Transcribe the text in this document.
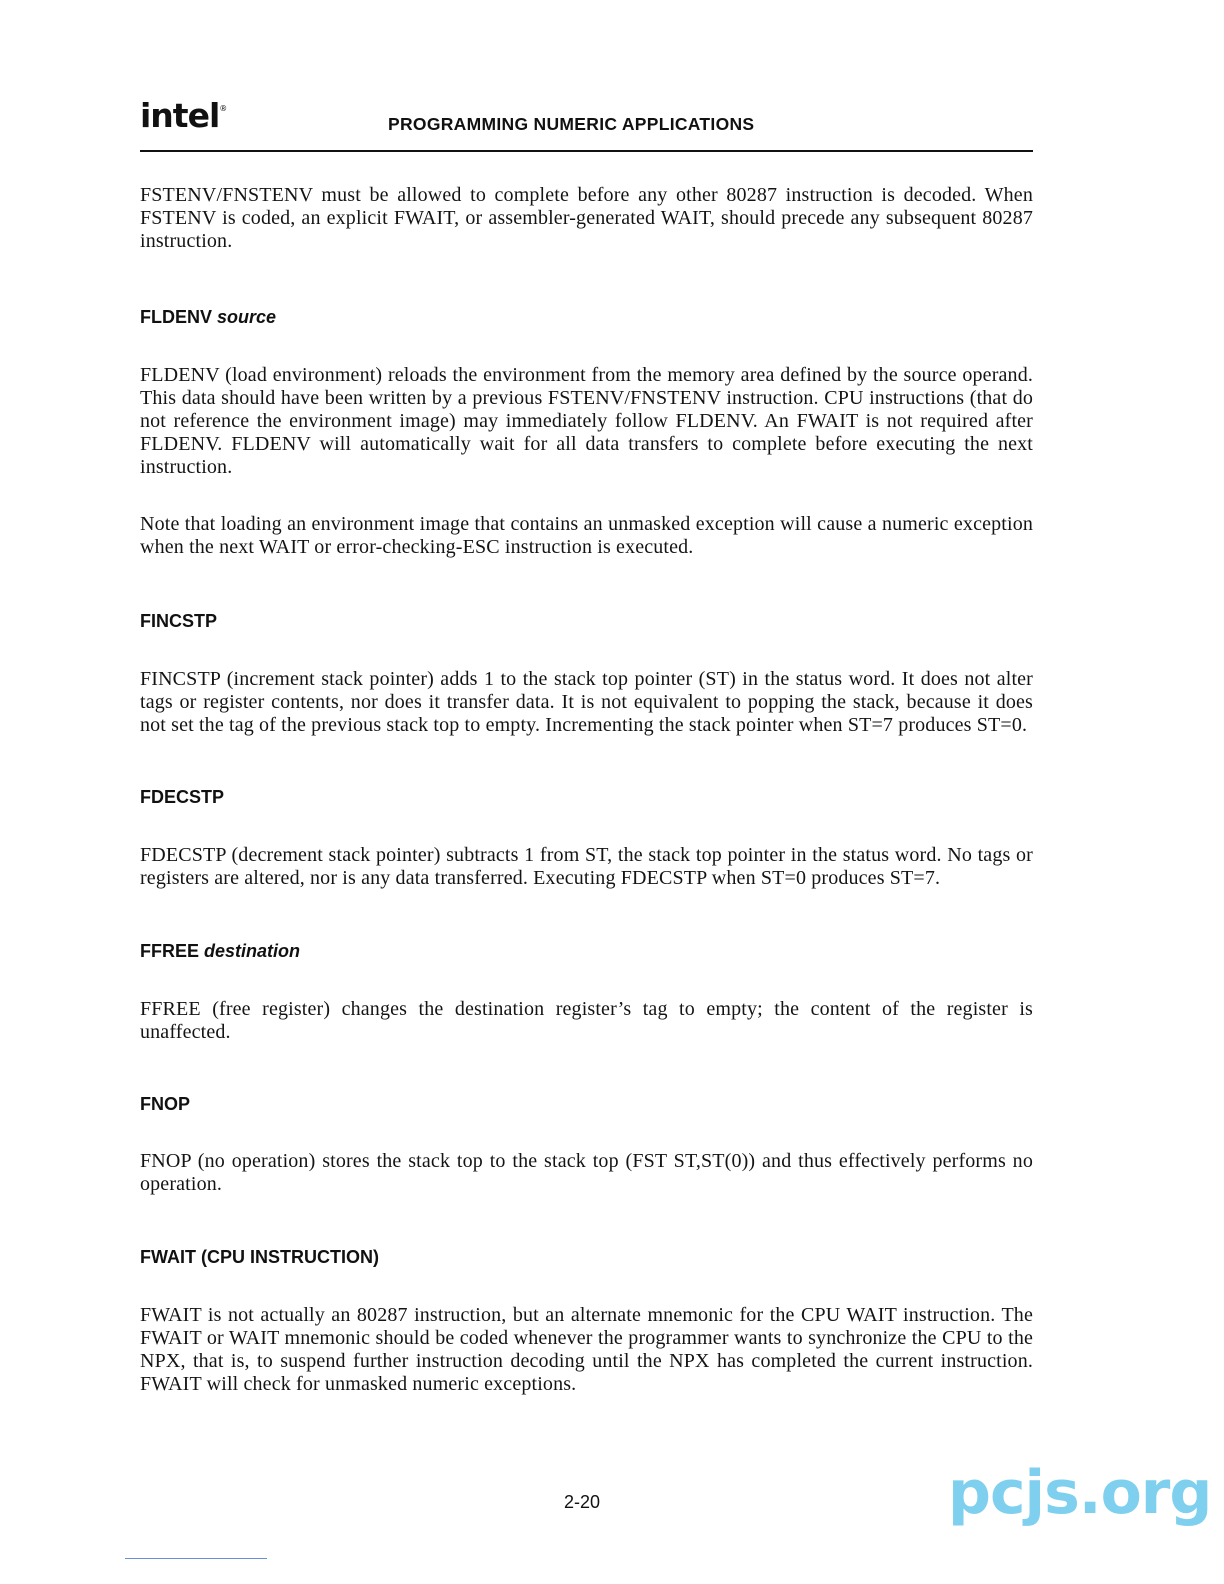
intel®
PROGRAMMING NUMERIC APPLICATIONS

FSTENV/FNSTENV must be allowed to complete before any other 80287 instruction is decoded. When FSTENV is coded, an explicit FWAIT, or assembler-generated WAIT, should precede any subsequent 80287 instruction.

FLDENV source

FLDENV (load environment) reloads the environment from the memory area defined by the source operand. This data should have been written by a previous FSTENV/FNSTENV instruction. CPU instructions (that do not reference the environment image) may immediately follow FLDENV. An FWAIT is not required after FLDENV. FLDENV will automatically wait for all data transfers to complete before executing the next instruction.

Note that loading an environment image that contains an unmasked exception will cause a numeric exception when the next WAIT or error-checking-ESC instruction is executed.

FINCSTP

FINCSTP (increment stack pointer) adds 1 to the stack top pointer (ST) in the status word. It does not alter tags or register contents, nor does it transfer data. It is not equivalent to popping the stack, because it does not set the tag of the previous stack top to empty. Incrementing the stack pointer when ST=7 produces ST=0.

FDECSTP

FDECSTP (decrement stack pointer) subtracts 1 from ST, the stack top pointer in the status word. No tags or registers are altered, nor is any data transferred. Executing FDECSTP when ST=0 produces ST=7.

FFREE destination

FFREE (free register) changes the destination register’s tag to empty; the content of the register is unaffected.

FNOP

FNOP (no operation) stores the stack top to the stack top (FST ST,ST(0)) and thus effectively performs no operation.

FWAIT (CPU INSTRUCTION)

FWAIT is not actually an 80287 instruction, but an alternate mnemonic for the CPU WAIT instruction. The FWAIT or WAIT mnemonic should be coded whenever the programmer wants to synchronize the CPU to the NPX, that is, to suspend further instruction decoding until the NPX has completed the current instruction. FWAIT will check for unmasked numeric exceptions.

2-20	pcjs.org
